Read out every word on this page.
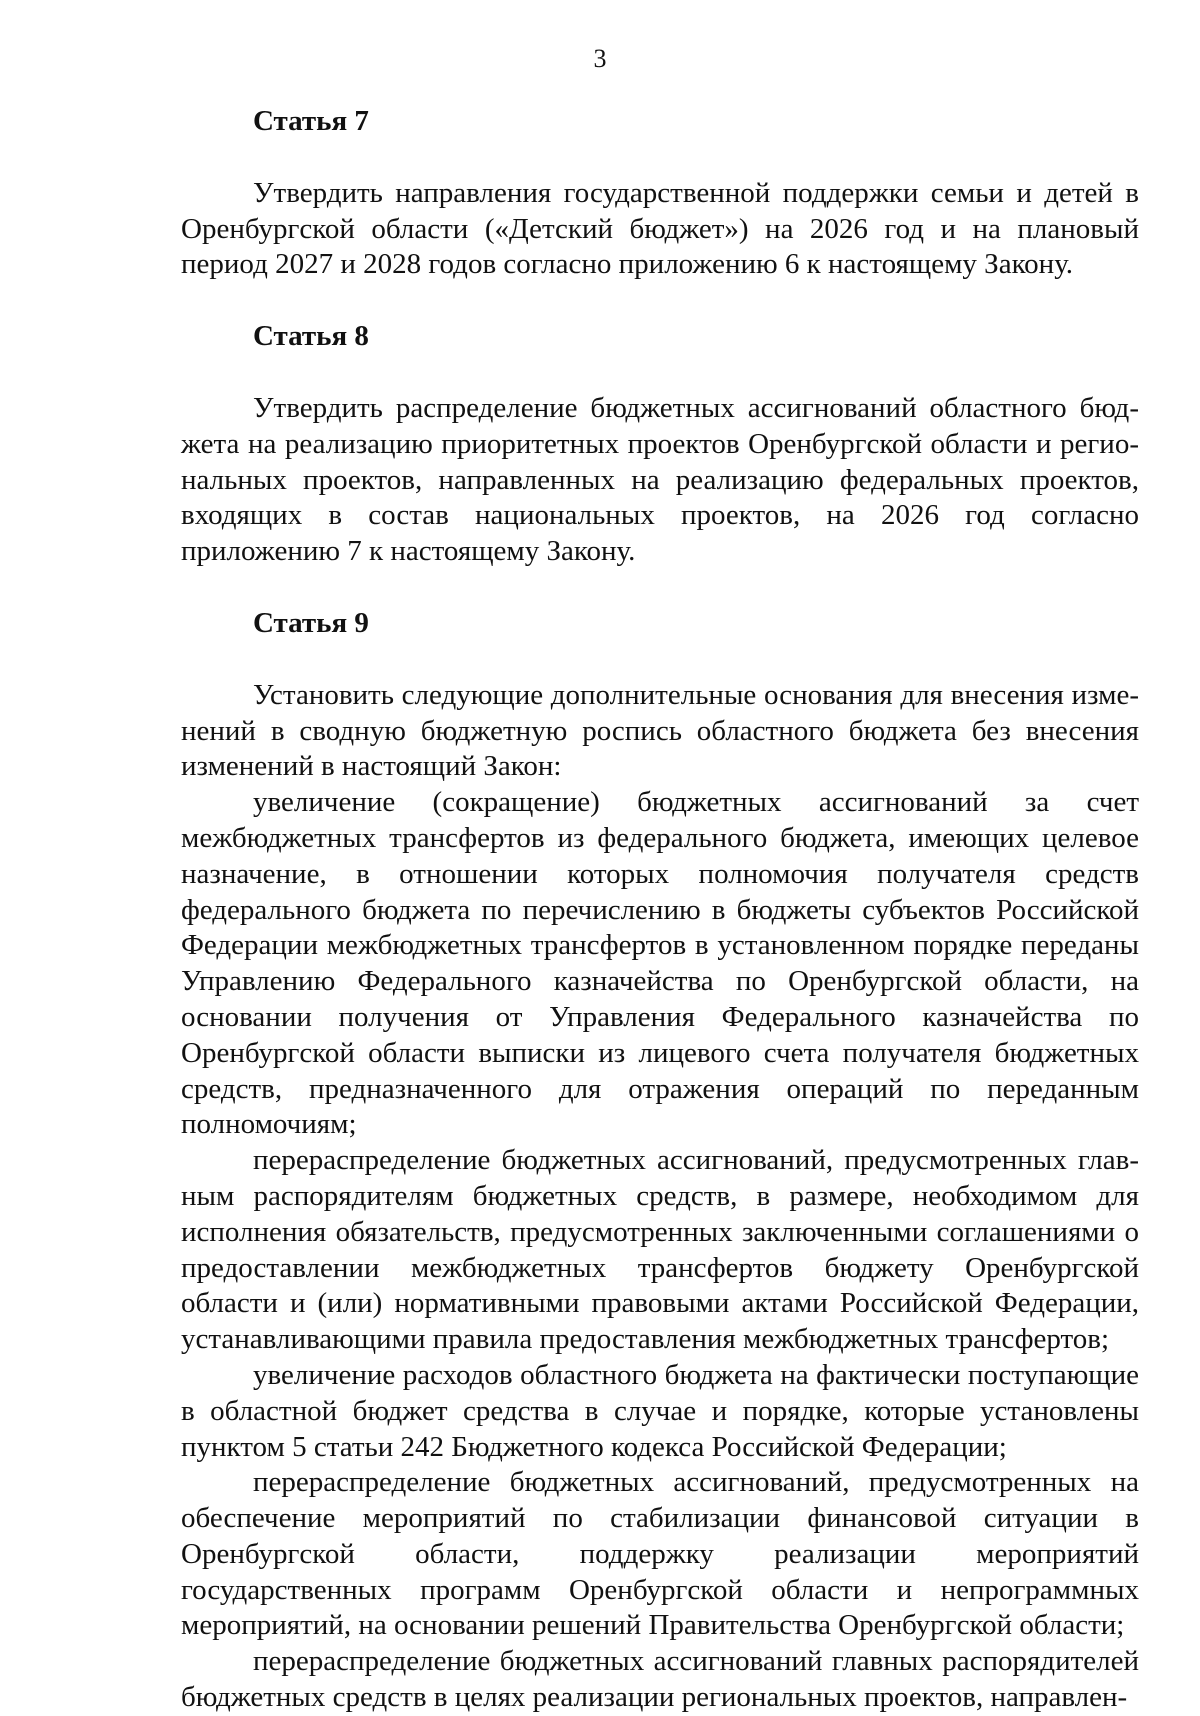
3
Статья 7

Утвердить направления государственной поддержки семьи и детей в Оренбургской области («Детский бюджет») на 2026 год и на плановый период 2027 и 2028 годов согласно приложению 6 к настоящему Закону.

Статья 8

Утвердить распределение бюджетных ассигнований областного бюджета на реализацию приоритетных проектов Оренбургской области и региональных проектов, направленных на реализацию федеральных проектов, входящих в состав национальных проектов, на 2026 год согласно приложению 7 к настоящему Закону.

Статья 9

Установить следующие дополнительные основания для внесения изменений в сводную бюджетную роспись областного бюджета без внесения изменений в настоящий Закон:

увеличение (сокращение) бюджетных ассигнований за счет межбюджетных трансфертов из федерального бюджета, имеющих целевое назначение, в отношении которых полномочия получателя средств федерального бюджета по перечислению в бюджеты субъектов Российской Федерации межбюджетных трансфертов в установленном порядке переданы Управлению Федерального казначейства по Оренбургской области, на основании получения от Управления Федерального казначейства по Оренбургской области выписки из лицевого счета получателя бюджетных средств, предназначенного для отражения операций по переданным полномочиям;

перераспределение бюджетных ассигнований, предусмотренных главным распорядителям бюджетных средств, в размере, необходимом для исполнения обязательств, предусмотренных заключенными соглашениями о предоставлении межбюджетных трансфертов бюджету Оренбургской области и (или) нормативными правовыми актами Российской Федерации, устанавливающими правила предоставления межбюджетных трансфертов;

увеличение расходов областного бюджета на фактически поступающие в областной бюджет средства в случае и порядке, которые установлены пунктом 5 статьи 242 Бюджетного кодекса Российской Федерации;

перераспределение бюджетных ассигнований, предусмотренных на обеспечение мероприятий по стабилизации финансовой ситуации в Оренбургской области, поддержку реализации мероприятий государственных программ Оренбургской области и непрограммных мероприятий, на основании решений Правительства Оренбургской области;

перераспределение бюджетных ассигнований главных распорядителей бюджетных средств в целях реализации региональных проектов, направлен-
